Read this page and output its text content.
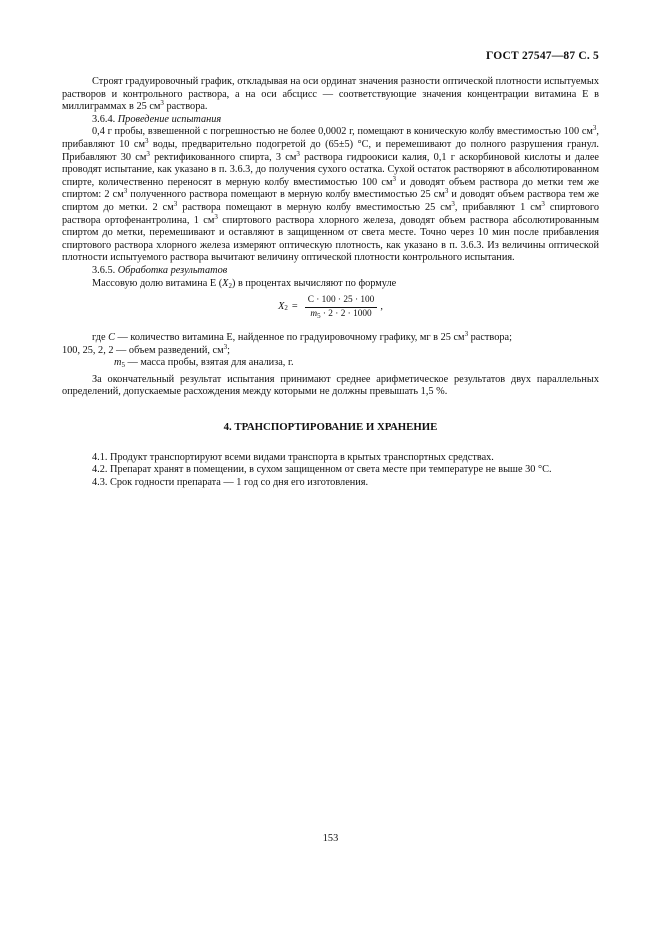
ГОСТ 27547—87 С. 5

Строят градуировочный график, откладывая на оси ординат значения разности оптической плотности испытуемых растворов и контрольного раствора, а на оси абсцисс — соответствующие значения концентрации витамина Е в миллиграммах в 25 $см^3$ раствора.

3.6.4. Проведение испытания

0,4 г пробы, взвешенной с погрешностью не более 0,0002 г, помещают в коническую колбу вместимостью 100 $см^3$, прибавляют 10 $см^3$ воды, предварительно подогретой до (65±5) °С, и перемешивают до полного разрушения гранул. Прибавляют 30 $см^3$ ректификованного спирта, 3 $см^3$ раствора гидроокиси калия, 0,1 г аскорбиновой кислоты и далее проводят испытание, как указано в п. 3.6.3, до получения сухого остатка. Сухой остаток растворяют в абсолютированном спирте, количественно переносят в мерную колбу вместимостью 100 $см^3$ и доводят объем раствора до метки тем же спиртом: 2 $см^3$ полученного раствора помещают в мерную колбу вместимостью 25 $см^3$ и доводят объем раствора тем же спиртом до метки. 2 $см^3$ раствора помещают в мерную колбу вместимостью 25 $см^3$, прибавляют 1 $см^3$ спиртового раствора ортофенантролина, 1 $см^3$ спиртового раствора хлорного железа, доводят объем раствора абсолютированным спиртом до метки, перемешивают и оставляют в защищенном от света месте. Точно через 10 мин после прибавления спиртового раствора хлорного железа измеряют оптическую плотность, как указано в п. 3.6.3. Из величины оптической плотности испытуемого раствора вычитают величину оптической плотности контрольного испытания.

3.6.5. Обработка результатов

Массовую долю витамина Е $(X_2)$ в процентах вычисляют по формуле

X $2 = \frac{C \cdot 100 \cdot 25 \cdot 100}{m_5 \cdot 2 \cdot 2 \cdot 1000}$ ,

где C — количество витамина Е, найденное по градуировочному графику, мг в 25 $см^3$ раствора;

100, 25, 2, 2 — объем разведений, $см^3$;

$m_5$ — масса пробы, взятая для анализа, г.

За окончательный результат испытания принимают среднее арифметическое результатов двух параллельных определений, допускаемые расхождения между которыми не должны превышать 1,5 %.

4. ТРАНСПОРТИРОВАНИЕ И ХРАНЕНИЕ

4.1. Продукт транспортируют всеми видами транспорта в крытых транспортных средствах.

4.2. Препарат хранят в помещении, в сухом защищенном от света месте при температуре не выше 30 °С.

4.3. Срок годности препарата — 1 год со дня его изготовления.

153
